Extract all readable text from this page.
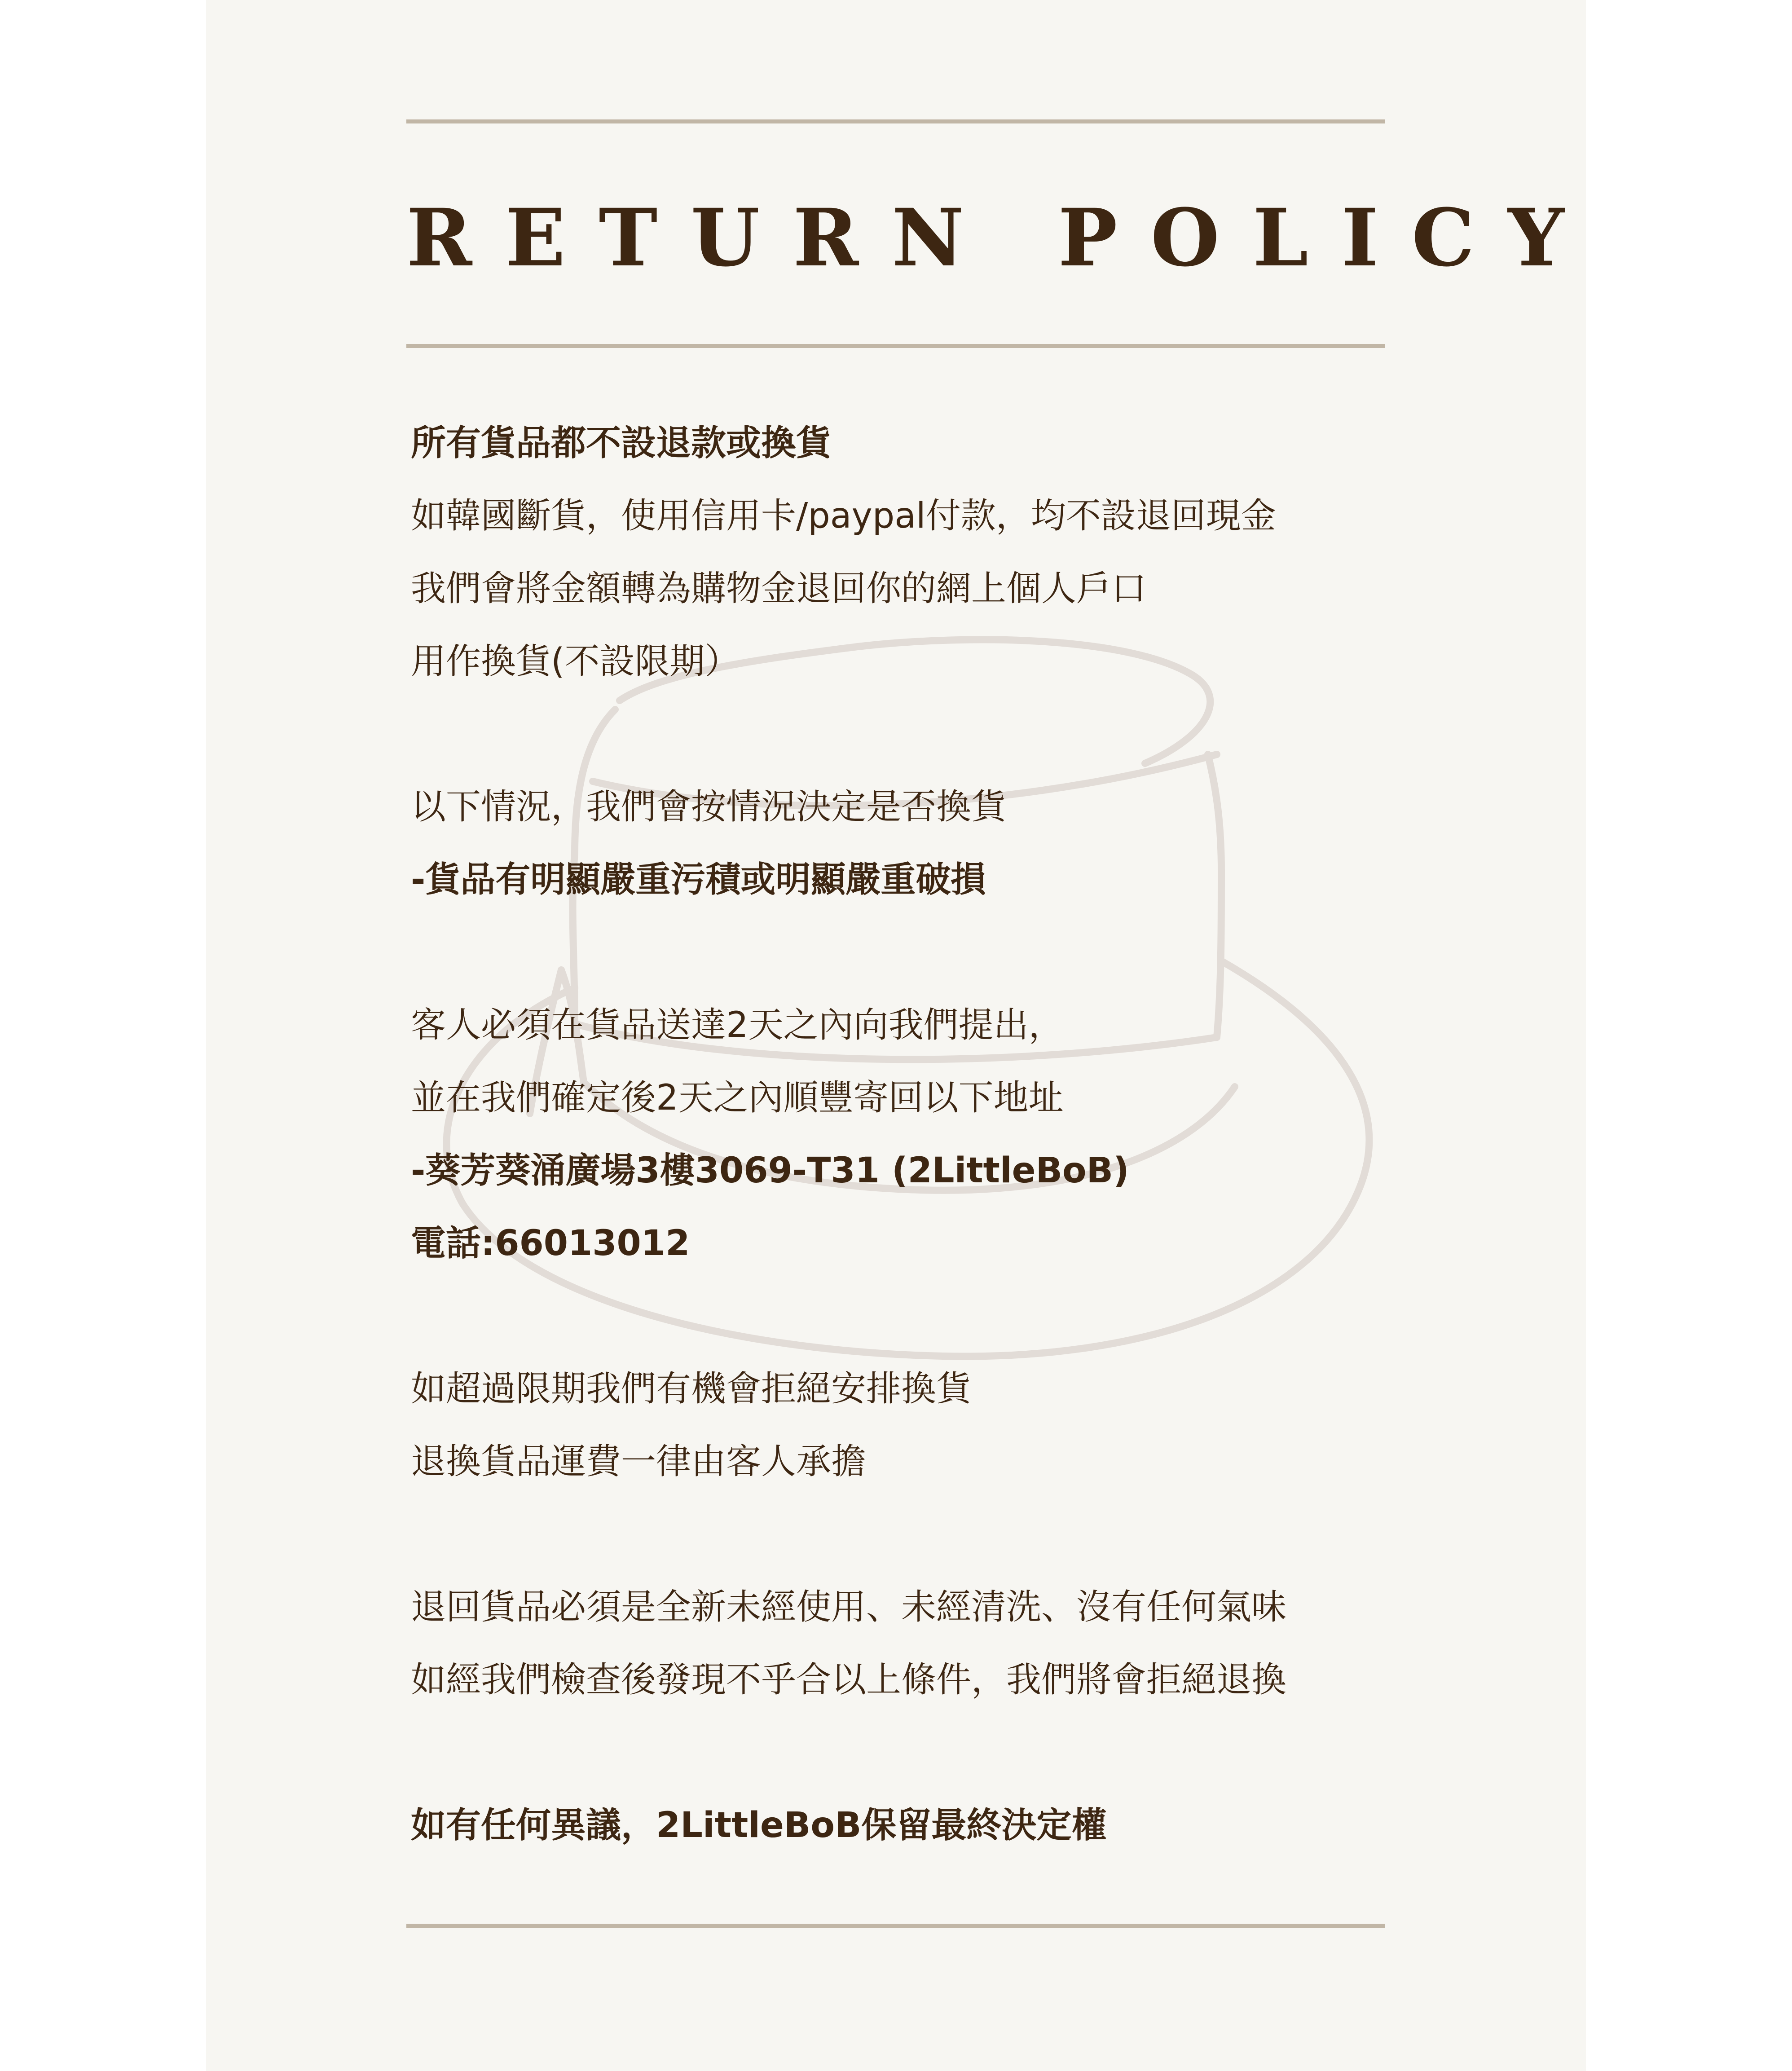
RETURN POLICY
所有貨品都不設退款或換貨
如韓國斷貨，使用信用卡/paypal付款，均不設退回現金
我們會將金額轉為購物金退回你的網上個人戶口
用作換貨(不設限期）
以下情況，我們會按情況決定是否換貨
-貨品有明顯嚴重污積或明顯嚴重破損
客人必須在貨品送達2天之內向我們提出，
並在我們確定後2天之內順豐寄回以下地址
-葵芳葵涌廣場3樓3069-T31 (2LittleBoB)
電話:66013012
如超過限期我們有機會拒絕安排換貨
退換貨品運費一律由客人承擔
退回貨品必須是全新未經使用、未經清洗、沒有任何氣味
如經我們檢查後發現不乎合以上條件，我們將會拒絕退換
如有任何異議，2LittleBoB保留最終決定權
